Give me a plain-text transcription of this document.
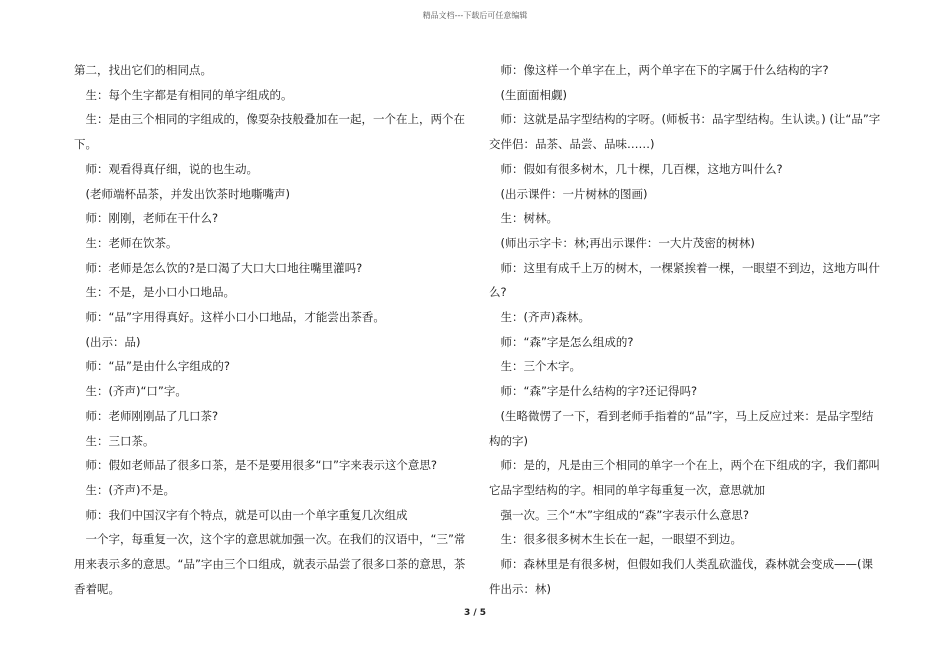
精品文档---下载后可任意编辑

第二，找出它们的相同点。

生：每个生字都是有相同的单字组成的。

生：是由三个相同的字组成的，像耍杂技般叠加在一起，一个在上，两个在下。

师：观看得真仔细，说的也生动。

(老师端杯品茶，并发出饮茶时地嘶嘴声)

师：刚刚，老师在干什么?

生：老师在饮茶。

师：老师是怎么饮的?是口渴了大口大口地往嘴里灌吗?

生：不是，是小口小口地品。

师：“品”字用得真好。这样小口小口地品，才能尝出茶香。

(出示：品)

师：“品”是由什么字组成的?

生：(齐声)“口”字。

师：老师刚刚品了几口茶?

生：三口茶。

师：假如老师品了很多口茶，是不是要用很多“口”字来表示这个意思?

生：(齐声)不是。

师：我们中国汉字有个特点，就是可以由一个单字重复几次组成

一个字，每重复一次，这个字的意思就加强一次。在我们的汉语中，“三”常用来表示多的意思。“品”字由三个口组成，就表示品尝了很多口茶的意思，茶香着呢。

师：像这样一个单字在上，两个单字在下的字属于什么结构的字?

(生面面相觑)

师：这就是品字型结构的字呀。(师板书：品字型结构。生认读。) (让“品”字交伴侣：品茶、品尝、品味……)

师：假如有很多树木，几十棵，几百棵，这地方叫什么?

(出示课件：一片树林的图画)

生：树林。

(师出示字卡：林;再出示课件：一大片茂密的树林)

师：这里有成千上万的树木，一棵紧挨着一棵，一眼望不到边，这地方叫什么?

生：(齐声)森林。

师：“森”字是怎么组成的?

生：三个木字。

师：“森”字是什么结构的字?还记得吗?

(生略微愣了一下，看到老师手指着的“品”字，马上反应过来：是品字型结构的字)

师：是的，凡是由三个相同的单字一个在上，两个在下组成的字，我们都叫它品字型结构的字。相同的单字每重复一次，意思就加

强一次。三个“木”字组成的“森”字表示什么意思?

生：很多很多树木生长在一起，一眼望不到边。

师：森林里是有很多树，但假如我们人类乱砍滥伐，森林就会变成——(课件出示：林)

3 / 5
